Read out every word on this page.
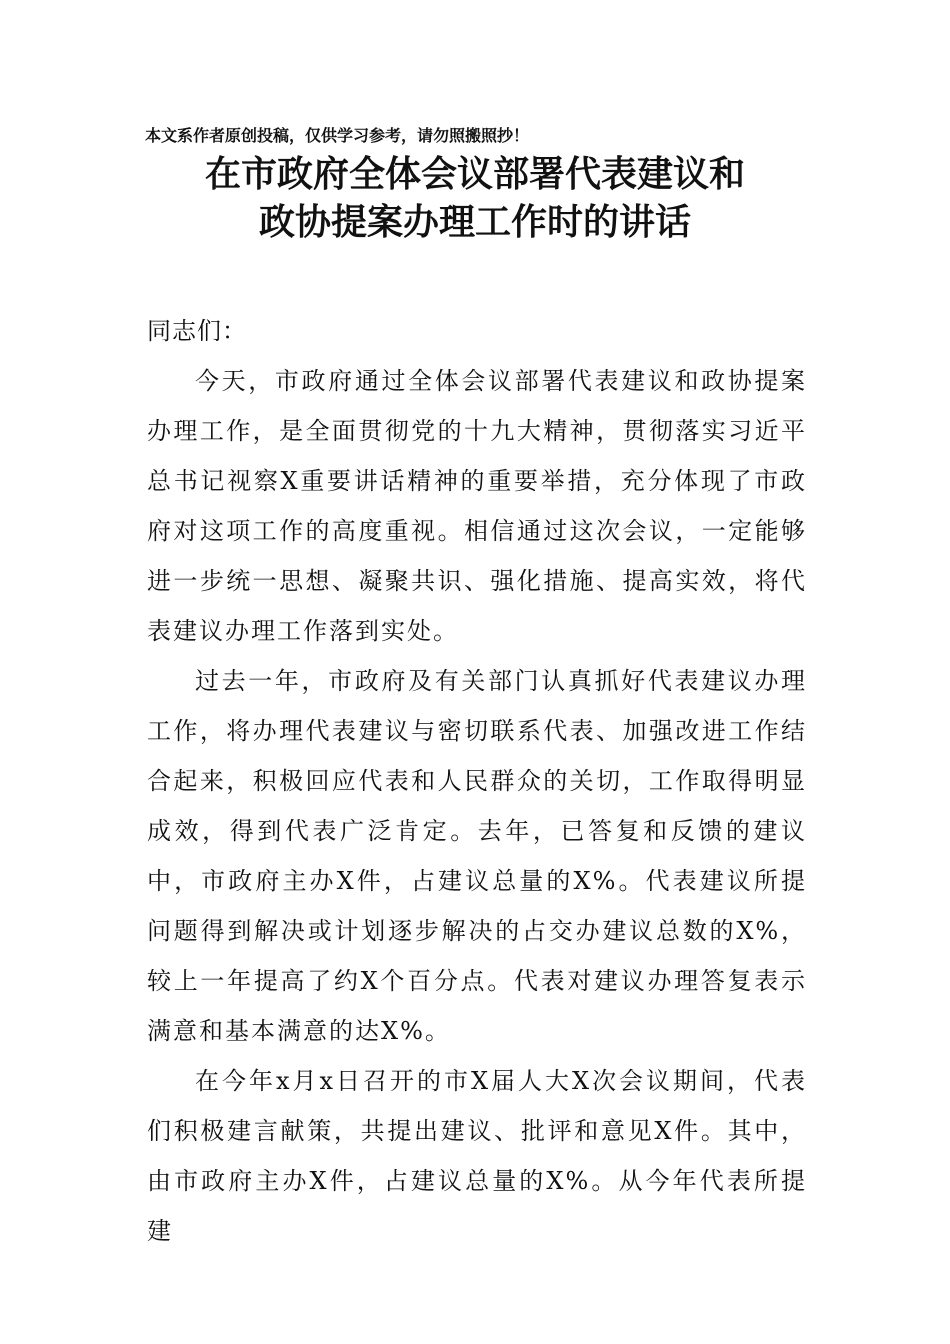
本文系作者原创投稿，仅供学习参考，请勿照搬照抄！
在市政府全体会议部署代表建议和
政协提案办理工作时的讲话
同志们：

今天，市政府通过全体会议部署代表建议和政协提案办理工作，是全面贯彻党的十九大精神，贯彻落实习近平总书记视察X重要讲话精神的重要举措，充分体现了市政府对这项工作的高度重视。相信通过这次会议，一定能够进一步统一思想、凝聚共识、强化措施、提高实效，将代表建议办理工作落到实处。

过去一年，市政府及有关部门认真抓好代表建议办理工作，将办理代表建议与密切联系代表、加强改进工作结合起来，积极回应代表和人民群众的关切，工作取得明显成效，得到代表广泛肯定。去年，已答复和反馈的建议中，市政府主办X件，占建议总量的X%。代表建议所提问题得到解决或计划逐步解决的占交办建议总数的X%，较上一年提高了约X个百分点。代表对建议办理答复表示满意和基本满意的达X%。

在今年x月x日召开的市X届人大X次会议期间，代表们积极建言献策，共提出建议、批评和意见X件。其中，由市政府主办X件，占建议总量的X%。从今年代表所提建
